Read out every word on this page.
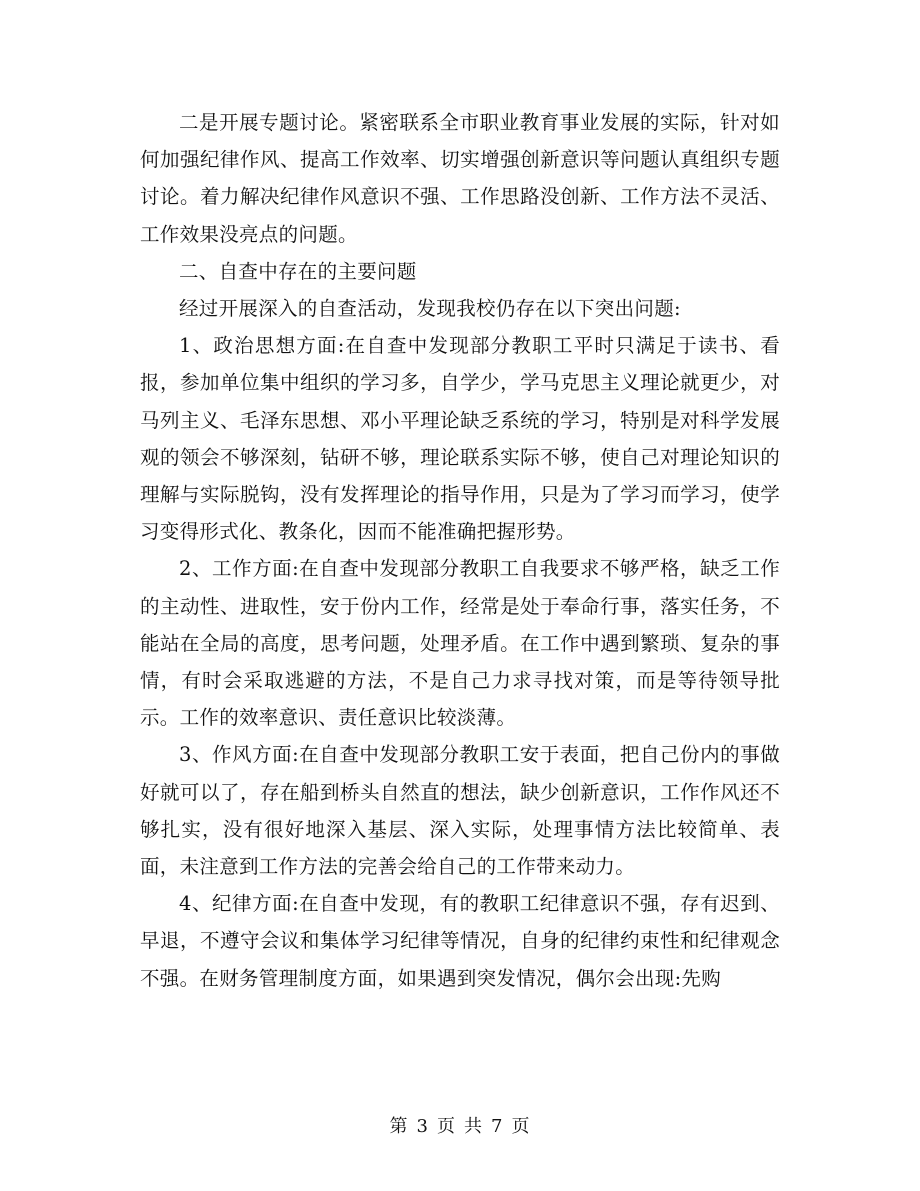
二是开展专题讨论。紧密联系全市职业教育事业发展的实际，针对如何加强纪律作风、提高工作效率、切实增强创新意识等问题认真组织专题讨论。着力解决纪律作风意识不强、工作思路没创新、工作方法不灵活、工作效果没亮点的问题。

二、自查中存在的主要问题

经过开展深入的自查活动，发现我校仍存在以下突出问题:

1、政治思想方面:在自查中发现部分教职工平时只满足于读书、看报，参加单位集中组织的学习多，自学少，学马克思主义理论就更少，对马列主义、毛泽东思想、邓小平理论缺乏系统的学习，特别是对科学发展观的领会不够深刻，钻研不够，理论联系实际不够，使自己对理论知识的理解与实际脱钩，没有发挥理论的指导作用，只是为了学习而学习，使学习变得形式化、教条化，因而不能准确把握形势。

2、工作方面:在自查中发现部分教职工自我要求不够严格，缺乏工作的主动性、进取性，安于份内工作，经常是处于奉命行事，落实任务，不能站在全局的高度，思考问题，处理矛盾。在工作中遇到繁琐、复杂的事情，有时会采取逃避的方法，不是自己力求寻找对策，而是等待领导批示。工作的效率意识、责任意识比较淡薄。

3、作风方面:在自查中发现部分教职工安于表面，把自己份内的事做好就可以了，存在船到桥头自然直的想法，缺少创新意识，工作作风还不够扎实，没有很好地深入基层、深入实际，处理事情方法比较简单、表面，未注意到工作方法的完善会给自己的工作带来动力。

4、纪律方面:在自查中发现，有的教职工纪律意识不强，存有迟到、早退，不遵守会议和集体学习纪律等情况，自身的纪律约束性和纪律观念不强。在财务管理制度方面，如果遇到突发情况，偶尔会出现:先购

第 3 页 共 7 页
